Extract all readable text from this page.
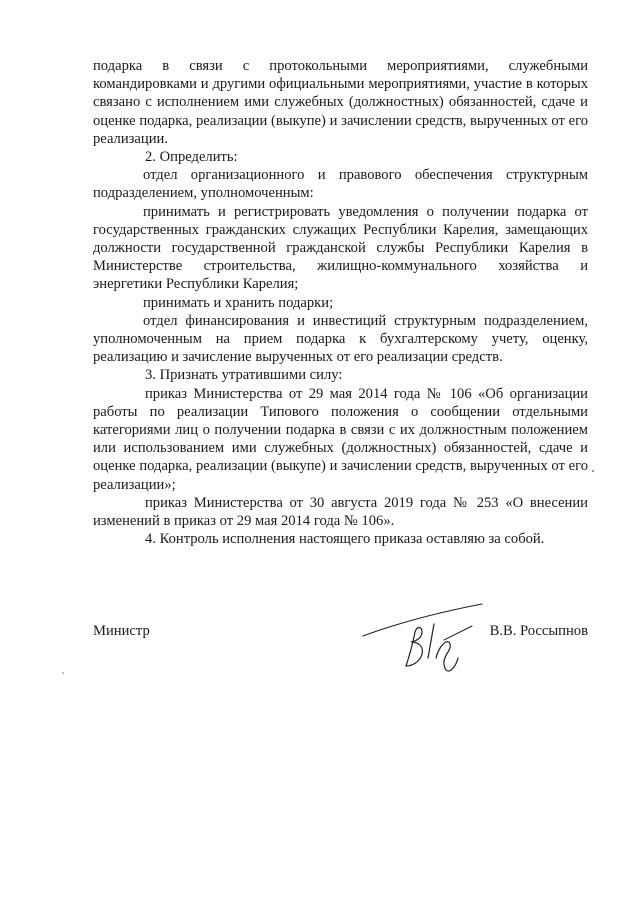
подарка в связи с протокольными мероприятиями, служебными командировками и другими официальными мероприятиями, участие в которых связано с исполнением ими служебных (должностных) обязанностей, сдаче и оценке подарка, реализации (выкупе) и зачислении средств, вырученных от его реализации.

2. Определить:

отдел организационного и правового обеспечения структурным подразделением, уполномоченным:

принимать и регистрировать уведомления о получении подарка от государственных гражданских служащих Республики Карелия, замещающих должности государственной гражданской службы Республики Карелия в Министерстве строительства, жилищно-коммунального хозяйства и энергетики Республики Карелия;

принимать и хранить подарки;

отдел финансирования и инвестиций структурным подразделением, уполномоченным на прием подарка к бухгалтерскому учету, оценку, реализацию и зачисление вырученных от его реализации средств.

3. Признать утратившими силу:

приказ Министерства от 29 мая 2014 года № 106 «Об организации работы по реализации Типового положения о сообщении отдельными категориями лиц о получении подарка в связи с их должностным положением или использованием ими служебных (должностных) обязанностей, сдаче и оценке подарка, реализации (выкупе) и зачислении средств, вырученных от его реализации»;

приказ Министерства от 30 августа 2019 года № 253 «О внесении изменений в приказ от 29 мая 2014 года № 106».

4. Контроль исполнения настоящего приказа оставляю за собой.

Министр	В.В. Россыпнов
